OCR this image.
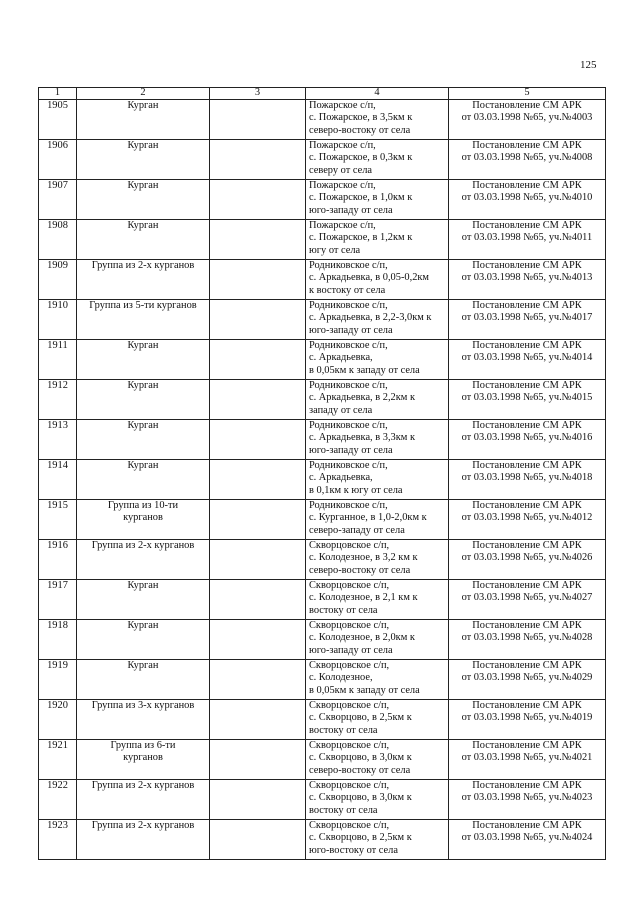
125
1	2	3	4	5
1905	Курган		Пожарское с/п,
с. Пожарское, в 3,5км к
северо-востоку от села	Постановление СМ АРК
от 03.03.1998 №65, уч.№4003

1906	Курган		Пожарское с/п,
с. Пожарское, в 0,3км к
северу от села	Постановление СМ АРК
от 03.03.1998 №65, уч.№4008

1907	Курган		Пожарское с/п,
с. Пожарское, в 1,0км к
юго-западу от села	Постановление СМ АРК
от 03.03.1998 №65, уч.№4010

1908	Курган		Пожарское с/п,
с. Пожарское, в 1,2км к
югу от села	Постановление СМ АРК
от 03.03.1998 №65, уч.№4011

1909	Группа из 2-х курганов		Родниковское с/п,
с. Аркадьевка, в 0,05-0,2км
к востоку от села	Постановление СМ АРК
от 03.03.1998 №65, уч.№4013

1910	Группа из 5-ти курганов		Родниковское с/п,
с. Аркадьевка, в 2,2-3,0км к
юго-западу от села	Постановление СМ АРК
от 03.03.1998 №65, уч.№4017

1911	Курган		Родниковское с/п,
с. Аркадьевка,
в 0,05км к западу от села	Постановление СМ АРК
от 03.03.1998 №65, уч.№4014

1912	Курган		Родниковское с/п,
с. Аркадьевка, в 2,2км к
западу от села	Постановление СМ АРК
от 03.03.1998 №65, уч.№4015

1913	Курган		Родниковское с/п,
с. Аркадьевка, в 3,3км к
юго-западу от села	Постановление СМ АРК
от 03.03.1998 №65, уч.№4016

1914	Курган		Родниковское с/п,
с. Аркадьевка,
в 0,1км к югу от села	Постановление СМ АРК
от 03.03.1998 №65, уч.№4018

1915	Группа из 10-ти
курганов		Родниковское с/п,
с. Курганное, в 1,0-2,0км к
северо-западу от села	Постановление СМ АРК
от 03.03.1998 №65, уч.№4012

1916	Группа из 2-х курганов		Скворцовское с/п,
с. Колодезное, в 3,2 км к
северо-востоку от села	Постановление СМ АРК
от 03.03.1998 №65, уч.№4026

1917	Курган		Скворцовское с/п,
с. Колодезное, в 2,1 км к
востоку от села	Постановление СМ АРК
от 03.03.1998 №65, уч.№4027

1918	Курган		Скворцовское с/п,
с. Колодезное, в 2,0км к
юго-западу от села	Постановление СМ АРК
от 03.03.1998 №65, уч.№4028

1919	Курган		Скворцовское с/п,
с. Колодезное,
в 0,05км к западу от села	Постановление СМ АРК
от 03.03.1998 №65, уч.№4029

1920	Группа из 3-х курганов		Скворцовское с/п,
с. Скворцово, в 2,5км к
востоку от села	Постановление СМ АРК
от 03.03.1998 №65, уч.№4019

1921	Группа из 6-ти
курганов		Скворцовское с/п,
с. Скворцово, в 3,0км к
северо-востоку от села	Постановление СМ АРК
от 03.03.1998 №65, уч.№4021

1922	Группа из 2-х курганов		Скворцовское с/п,
с. Скворцово, в 3,0км к
востоку от села	Постановление СМ АРК
от 03.03.1998 №65, уч.№4023

1923	Группа из 2-х курганов		Скворцовское с/п,
с. Скворцово, в 2,5км к
юго-востоку от села	Постановление СМ АРК
от 03.03.1998 №65, уч.№4024
